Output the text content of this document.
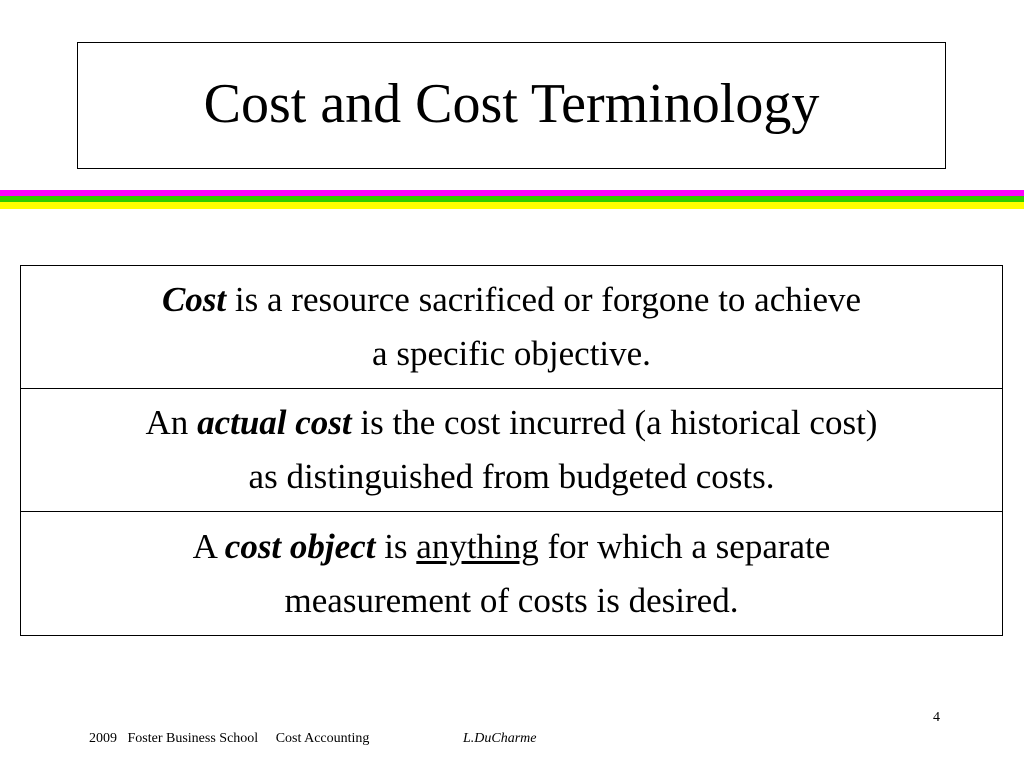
Cost and Cost Terminology
Cost is a resource sacrificed or forgone to achieve
a specific objective.
An actual cost is the cost incurred (a historical cost)
as distinguished from budgeted costs.
A cost object is anything for which a separate
measurement of costs is desired.
4
2009 Foster Business School Cost Accounting	L.DuCharme
